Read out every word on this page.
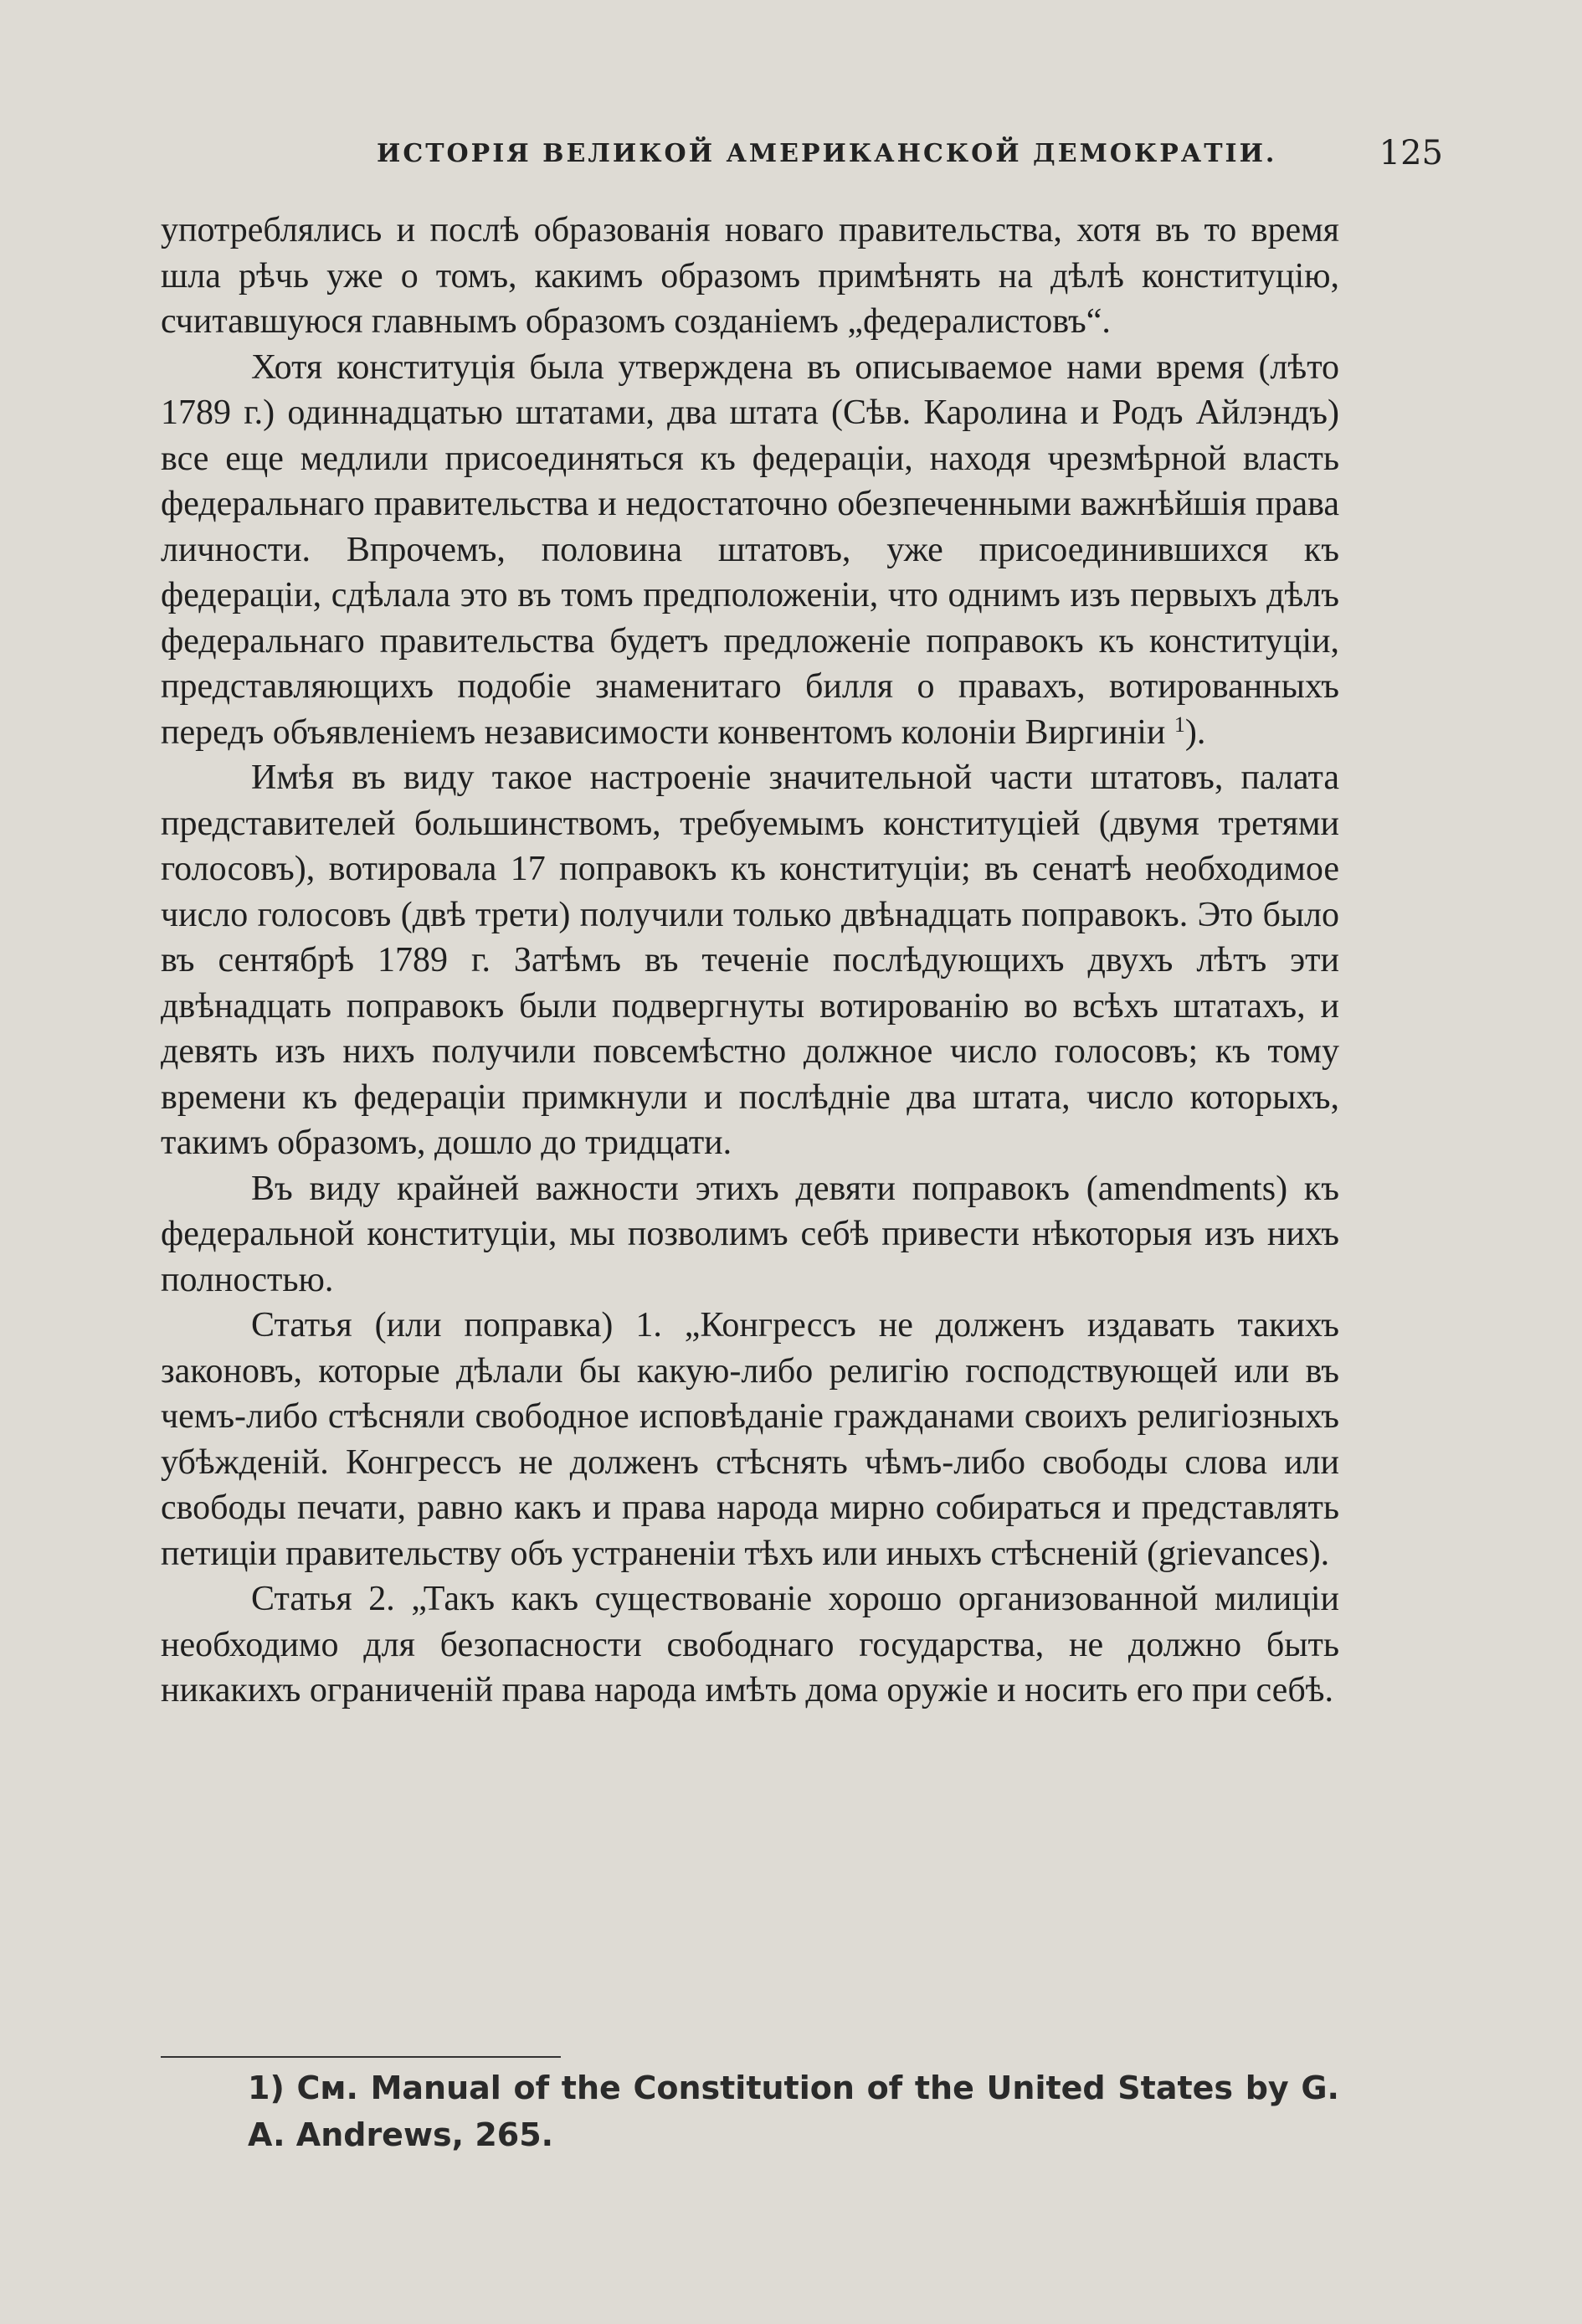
ИСТОРІЯ ВЕЛИКОЙ АМЕРИКАНСКОЙ ДЕМОКРАТІИ.	125

употреблялись и послѣ образованія новаго правительства, хотя въ то время шла рѣчь уже о томъ, какимъ образомъ примѣнять на дѣлѣ конституцію, считавшуюся главнымъ образомъ созданіемъ „федералистовъ“.

Хотя конституція была утверждена въ описываемое нами время (лѣто 1789 г.) одиннадцатью штатами, два штата (Сѣв. Каролина и Родъ Айлэндъ) все еще медлили присоединяться къ федераціи, находя чрезмѣрной власть федеральнаго правительства и недостаточно обезпеченными важнѣйшія права личности. Впрочемъ, половина штатовъ, уже присоединившихся къ федераціи, сдѣлала это въ томъ предположеніи, что однимъ изъ первыхъ дѣлъ федеральнаго правительства будетъ предложеніе поправокъ къ конституціи, представляющихъ подобіе знаменитаго билля о правахъ, вотированныхъ передъ объявленіемъ независимости конвентомъ колоніи Виргиніи $^1$).

Имѣя въ виду такое настроеніе значительной части штатовъ, палата представителей большинствомъ, требуемымъ конституціей (двумя третями голосовъ), вотировала 17 поправокъ къ конституціи; въ сенатѣ необходимое число голосовъ (двѣ трети) получили только двѣнадцать поправокъ. Это было въ сентябрѣ 1789 г. Затѣмъ въ теченіе послѣдующихъ двухъ лѣтъ эти двѣнадцать поправокъ были подвергнуты вотированію во всѣхъ штатахъ, и девять изъ нихъ получили повсемѣстно должное число голосовъ; къ тому времени къ федераціи примкнули и послѣдніе два штата, число которыхъ, такимъ образомъ, дошло до тридцати.

Въ виду крайней важности этихъ девяти поправокъ (amendments) къ федеральной конституціи, мы позволимъ себѣ привести нѣкоторыя изъ нихъ полностью.

Статья (или поправка) 1. „Конгрессъ не долженъ издавать такихъ законовъ, которые дѣлали бы какую-либо религію господствующей или въ чемъ-либо стѣсняли свободное исповѣданіе гражданами своихъ религіозныхъ убѣжденій. Конгрессъ не долженъ стѣснять чѣмъ-либо свободы слова или свободы печати, равно какъ и права народа мирно собираться и представлять петиціи правительству объ устраненіи тѣхъ или иныхъ стѣсненій (grievances).

Статья 2. „Такъ какъ существованіе хорошо организованной милиціи необходимо для безопасности свободнаго государства, не должно быть никакихъ ограниченій права народа имѣть дома оружіе и носить его при себѣ.

1) См. Manual of the Constitution of the United States by G. A. Andrews, 265.
